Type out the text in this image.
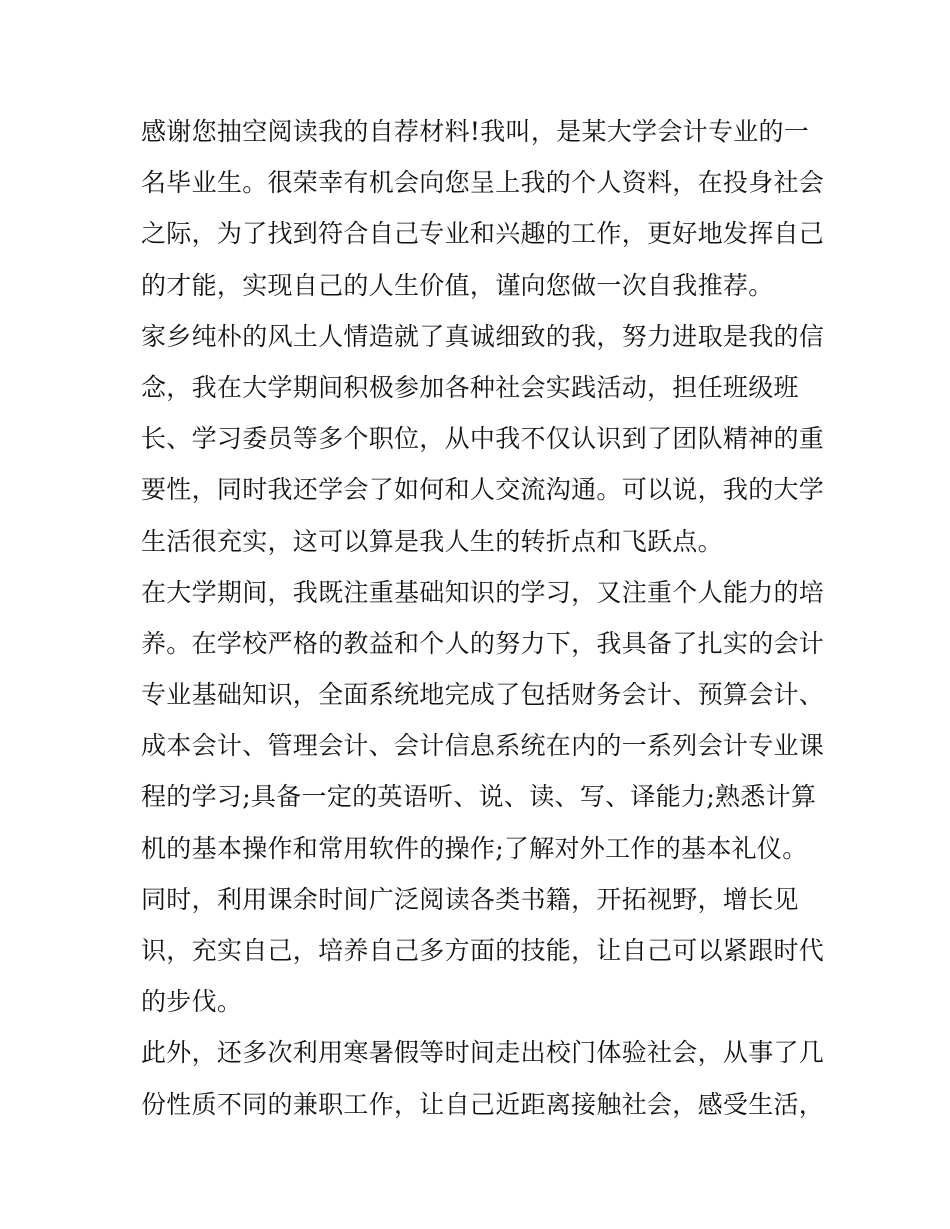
感谢您抽空阅读我的自荐材料!我叫，是某大学会计专业的一
名毕业生。很荣幸有机会向您呈上我的个人资料，在投身社会
之际，为了找到符合自己专业和兴趣的工作，更好地发挥自己
的才能，实现自己的人生价值，谨向您做一次自我推荐。
家乡纯朴的风土人情造就了真诚细致的我，努力进取是我的信
念，我在大学期间积极参加各种社会实践活动，担任班级班
长、学习委员等多个职位，从中我不仅认识到了团队精神的重
要性，同时我还学会了如何和人交流沟通。可以说，我的大学
生活很充实，这可以算是我人生的转折点和飞跃点。
在大学期间，我既注重基础知识的学习，又注重个人能力的培
养。在学校严格的教益和个人的努力下，我具备了扎实的会计
专业基础知识，全面系统地完成了包括财务会计、预算会计、
成本会计、管理会计、会计信息系统在内的一系列会计专业课
程的学习;具备一定的英语听、说、读、写、译能力;熟悉计算
机的基本操作和常用软件的操作;了解对外工作的基本礼仪。
同时，利用课余时间广泛阅读各类书籍，开拓视野，增长见
识，充实自己，培养自己多方面的技能，让自己可以紧跟时代
的步伐。
此外，还多次利用寒暑假等时间走出校门体验社会，从事了几
份性质不同的兼职工作，让自己近距离接触社会，感受生活，
